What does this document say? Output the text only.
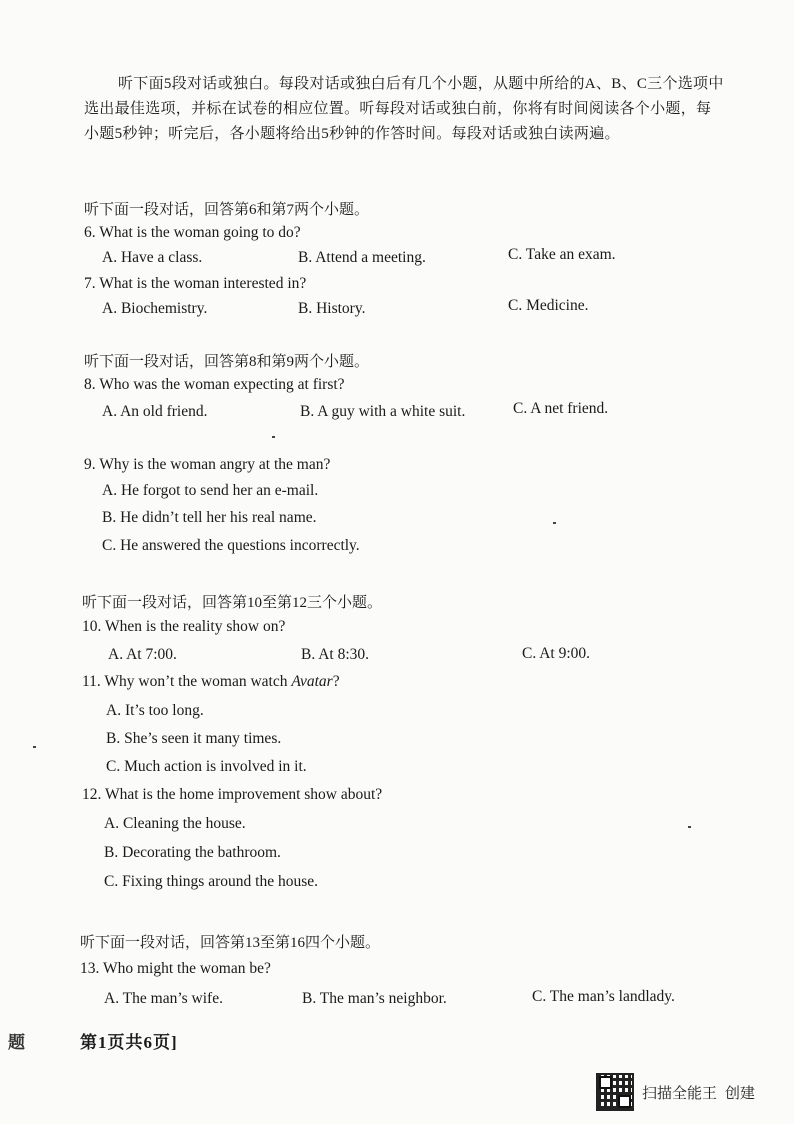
听下面5段对话或独白。每段对话或独白后有几个小题，从题中所给的A、B、C三个选项中选出最佳选项，并标在试卷的相应位置。听每段对话或独白前，你将有时间阅读各个小题，每小题5秒钟；听完后，各小题将给出5秒钟的作答时间。每段对话或独白读两遍。

听下面一段对话，回答第6和第7两个小题。
6. What is the woman going to do?
A. Have a class.	B. Attend a meeting.	C. Take an exam.
7. What is the woman interested in?
A. Biochemistry.	B. History.	C. Medicine.
听下面一段对话，回答第8和第9两个小题。
8. Who was the woman expecting at first?
A. An old friend.	B. A guy with a white suit.	C. A net friend.
9. Why is the woman angry at the man?
A. He forgot to send her an e-mail.
B. He didn’t tell her his real name.
C. He answered the questions incorrectly.
听下面一段对话，回答第10至第12三个小题。
10. When is the reality show on?
A. At 7:00.	B. At 8:30.	C. At 9:00.
11. Why won’t the woman watch Avatar?
A. It’s too long.
B. She’s seen it many times.
C. Much action is involved in it.
12. What is the home improvement show about?
A. Cleaning the house.
B. Decorating the bathroom.
C. Fixing things around the house.
听下面一段对话，回答第13至第16四个小题。
13. Who might the woman be?
A. The man’s wife.	B. The man’s neighbor.	C. The man’s landlady.
题	第1页共6页]
扫描全能王 创建
